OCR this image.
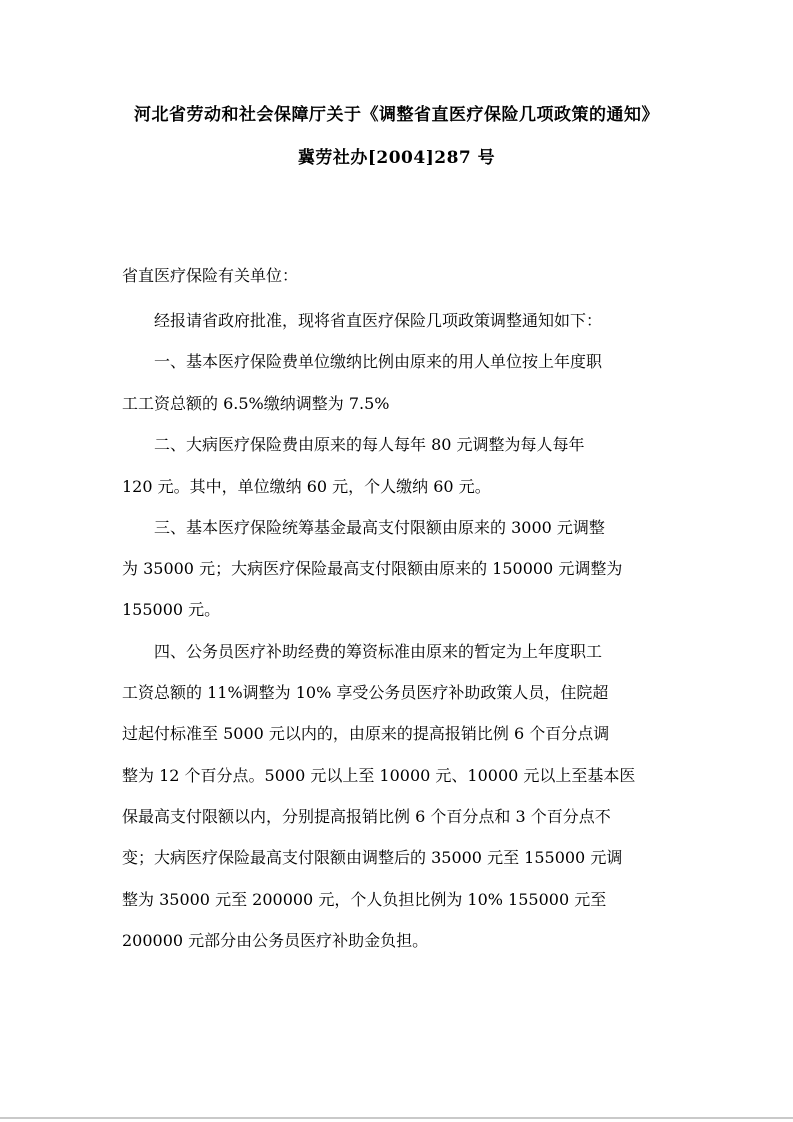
河北省劳动和社会保障厅关于《调整省直医疗保险几项政策的通知》
冀劳社办[2004]287 号
省直医疗保险有关单位：
经报请省政府批准，现将省直医疗保险几项政策调整通知如下：
一、基本医疗保险费单位缴纳比例由原来的用人单位按上年度职
工工资总额的 6.5%缴纳调整为 7.5%
二、大病医疗保险费由原来的每人每年 80 元调整为每人每年
120 元。其中，单位缴纳 60 元，个人缴纳 60 元。
三、基本医疗保险统筹基金最高支付限额由原来的 3000 元调整
为 35000 元；大病医疗保险最高支付限额由原来的 150000 元调整为
155000 元。
四、公务员医疗补助经费的筹资标准由原来的暂定为上年度职工
工资总额的 11%调整为 10% 享受公务员医疗补助政策人员，住院超
过起付标准至 5000 元以内的，由原来的提高报销比例 6 个百分点调
整为 12 个百分点。5000 元以上至 10000 元、10000 元以上至基本医
保最高支付限额以内，分别提高报销比例 6 个百分点和 3 个百分点不
变；大病医疗保险最高支付限额由调整后的 35000 元至 155000 元调
整为 35000 元至 200000 元，个人负担比例为 10% 155000 元至
200000 元部分由公务员医疗补助金负担。
